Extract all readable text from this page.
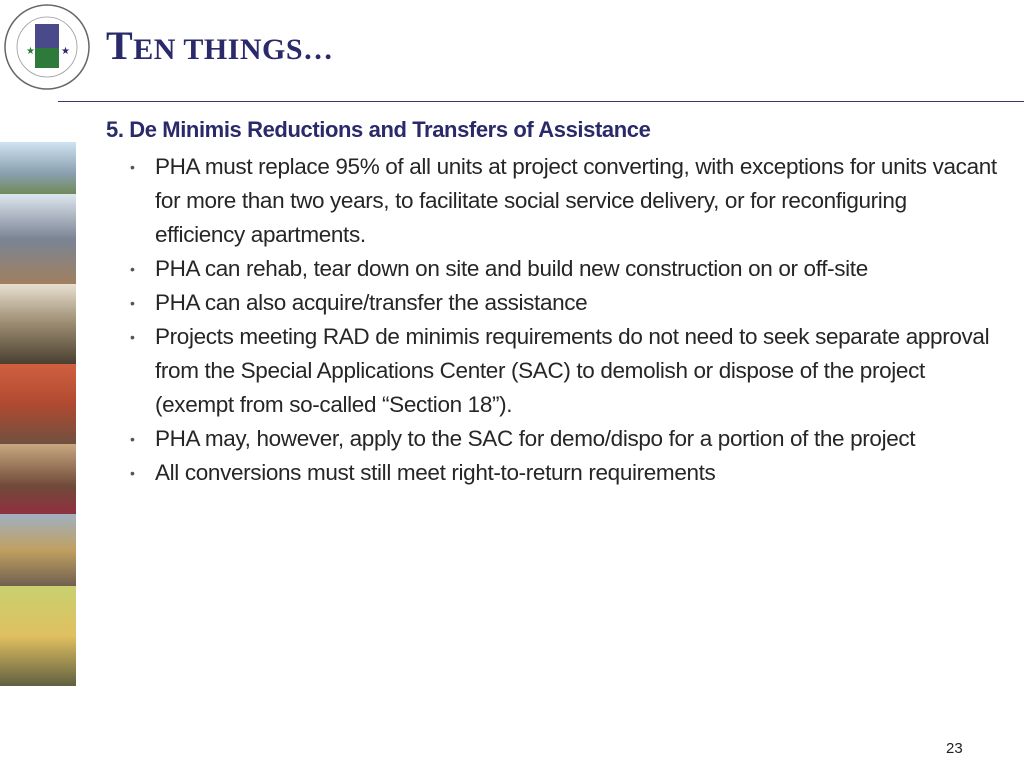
★	★ TEN THINGS…
5. De Minimis Reductions and Transfers of Assistance
• PHA must replace 95% of all units at project converting, with exceptions for units vacant for more than two years, to facilitate social service delivery, or for reconfiguring efficiency apartments.
• PHA can rehab, tear down on site and build new construction on or off-site
• PHA can also acquire/transfer the assistance
• Projects meeting RAD de minimis requirements do not need to seek separate approval from the Special Applications Center (SAC) to demolish or dispose of the project (exempt from so-called “Section 18”).
• PHA may, however, apply to the SAC for demo/dispo for a portion of the project
• All conversions must still meet right-to-return requirements
23
